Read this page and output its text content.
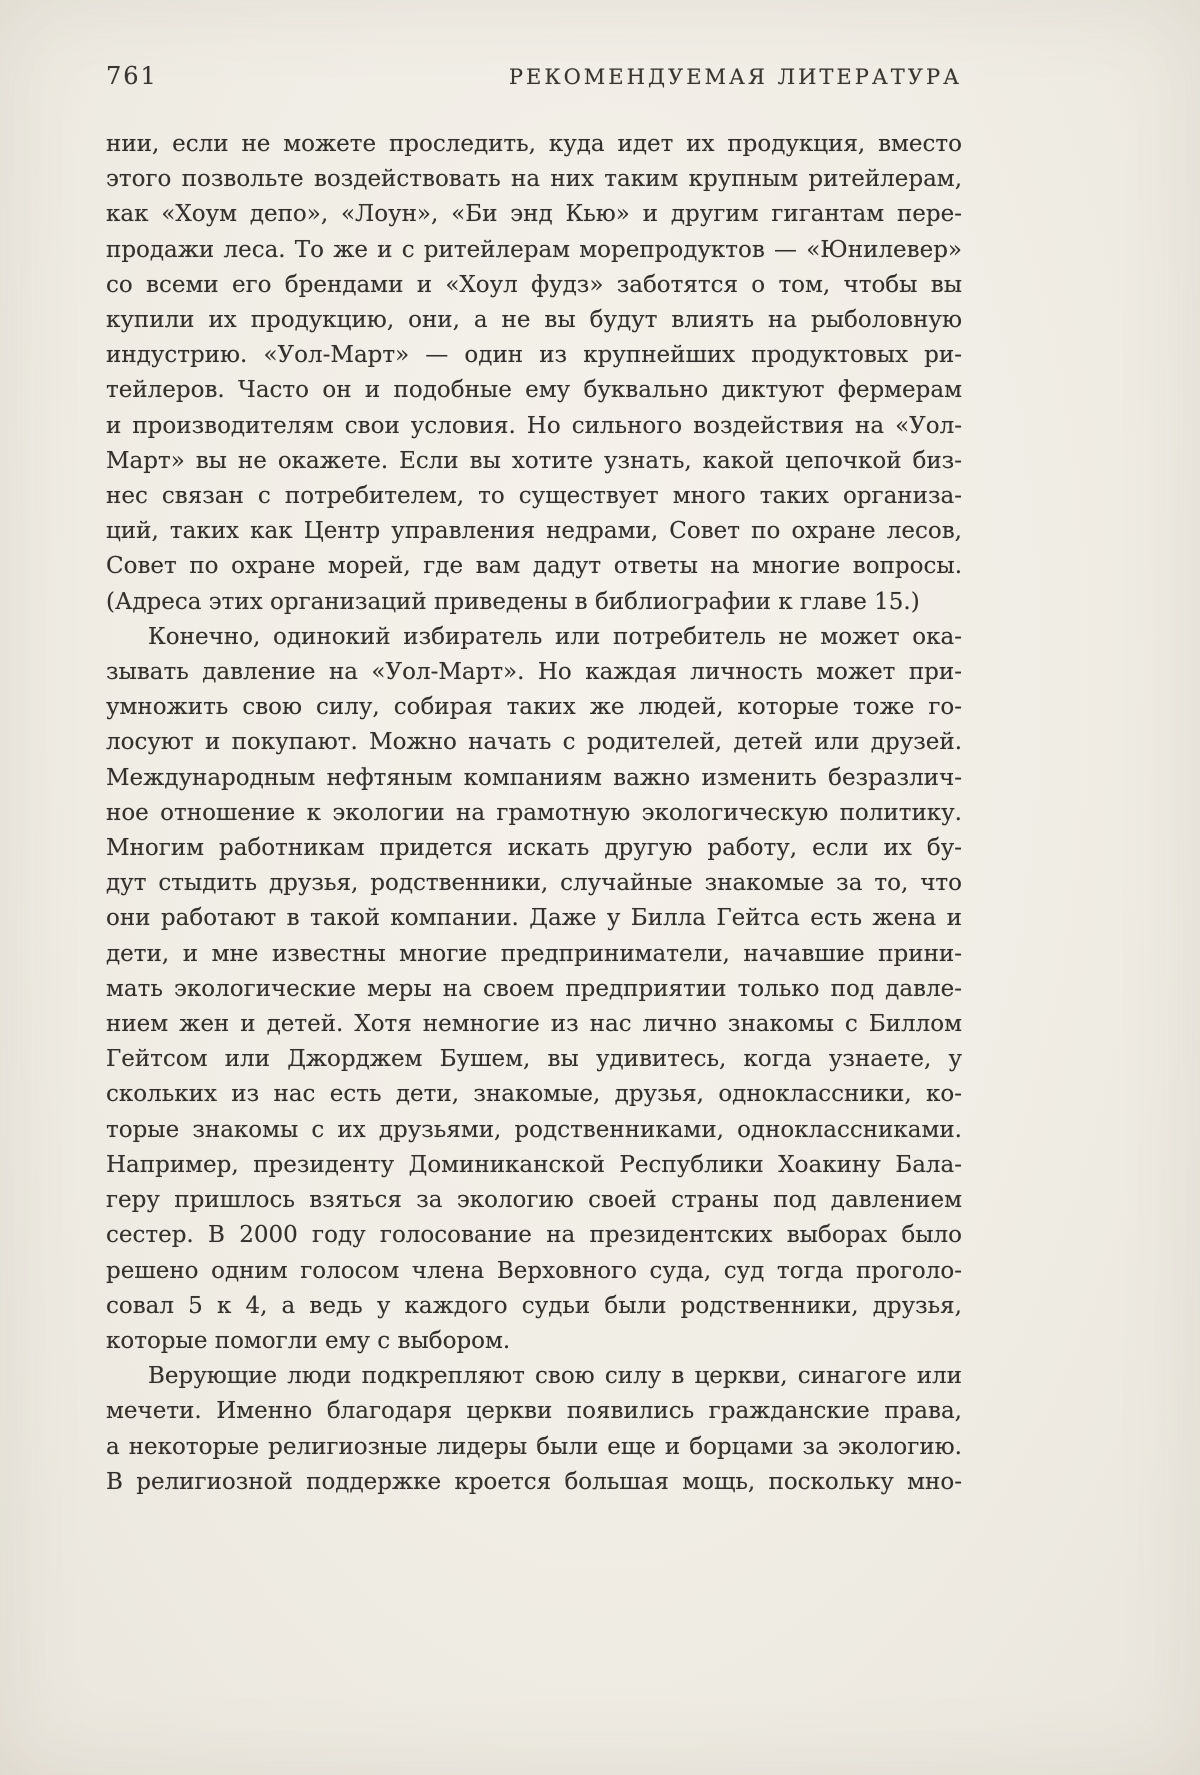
761	РЕКОМЕНДУЕМАЯ ЛИТЕРАТУРА
нии, если не можете проследить, куда идет их продукция, вместо
этого позвольте воздействовать на них таким крупным ритейлерам,
как «Хоум депо», «Лоун», «Би энд Кью» и другим гигантам пере-
продажи леса. То же и с ритейлерам морепродуктов — «Юнилевер»
со всеми его брендами и «Хоул фудз» заботятся о том, чтобы вы
купили их продукцию, они, а не вы будут влиять на рыболовную
индустрию. «Уол-Март» — один из крупнейших продуктовых ри-
тейлеров. Часто он и подобные ему буквально диктуют фермерам
и производителям свои условия. Но сильного воздействия на «Уол-
Март» вы не окажете. Если вы хотите узнать, какой цепочкой биз-
нес связан с потребителем, то существует много таких организа-
ций, таких как Центр управления недрами, Совет по охране лесов,
Совет по охране морей, где вам дадут ответы на многие вопросы.
(Адреса этих организаций приведены в библиографии к главе 15.)
Конечно, одинокий избиратель или потребитель не может ока-
зывать давление на «Уол-Март». Но каждая личность может при-
умножить свою силу, собирая таких же людей, которые тоже го-
лосуют и покупают. Можно начать с родителей, детей или друзей.
Международным нефтяным компаниям важно изменить безразлич-
ное отношение к экологии на грамотную экологическую политику.
Многим работникам придется искать другую работу, если их бу-
дут стыдить друзья, родственники, случайные знакомые за то, что
они работают в такой компании. Даже у Билла Гейтса есть жена и
дети, и мне известны многие предприниматели, начавшие прини-
мать экологические меры на своем предприятии только под давле-
нием жен и детей. Хотя немногие из нас лично знакомы с Биллом
Гейтсом или Джорджем Бушем, вы удивитесь, когда узнаете, у
скольких из нас есть дети, знакомые, друзья, одноклассники, ко-
торые знакомы с их друзьями, родственниками, одноклассниками.
Например, президенту Доминиканской Республики Хоакину Бала-
геру пришлось взяться за экологию своей страны под давлением
сестер. В 2000 году голосование на президентских выборах было
решено одним голосом члена Верховного суда, суд тогда проголо-
совал 5 к 4, а ведь у каждого судьи были родственники, друзья,
которые помогли ему с выбором.
Верующие люди подкрепляют свою силу в церкви, синагоге или
мечети. Именно благодаря церкви появились гражданские права,
а некоторые религиозные лидеры были еще и борцами за экологию.
В религиозной поддержке кроется большая мощь, поскольку мно-
